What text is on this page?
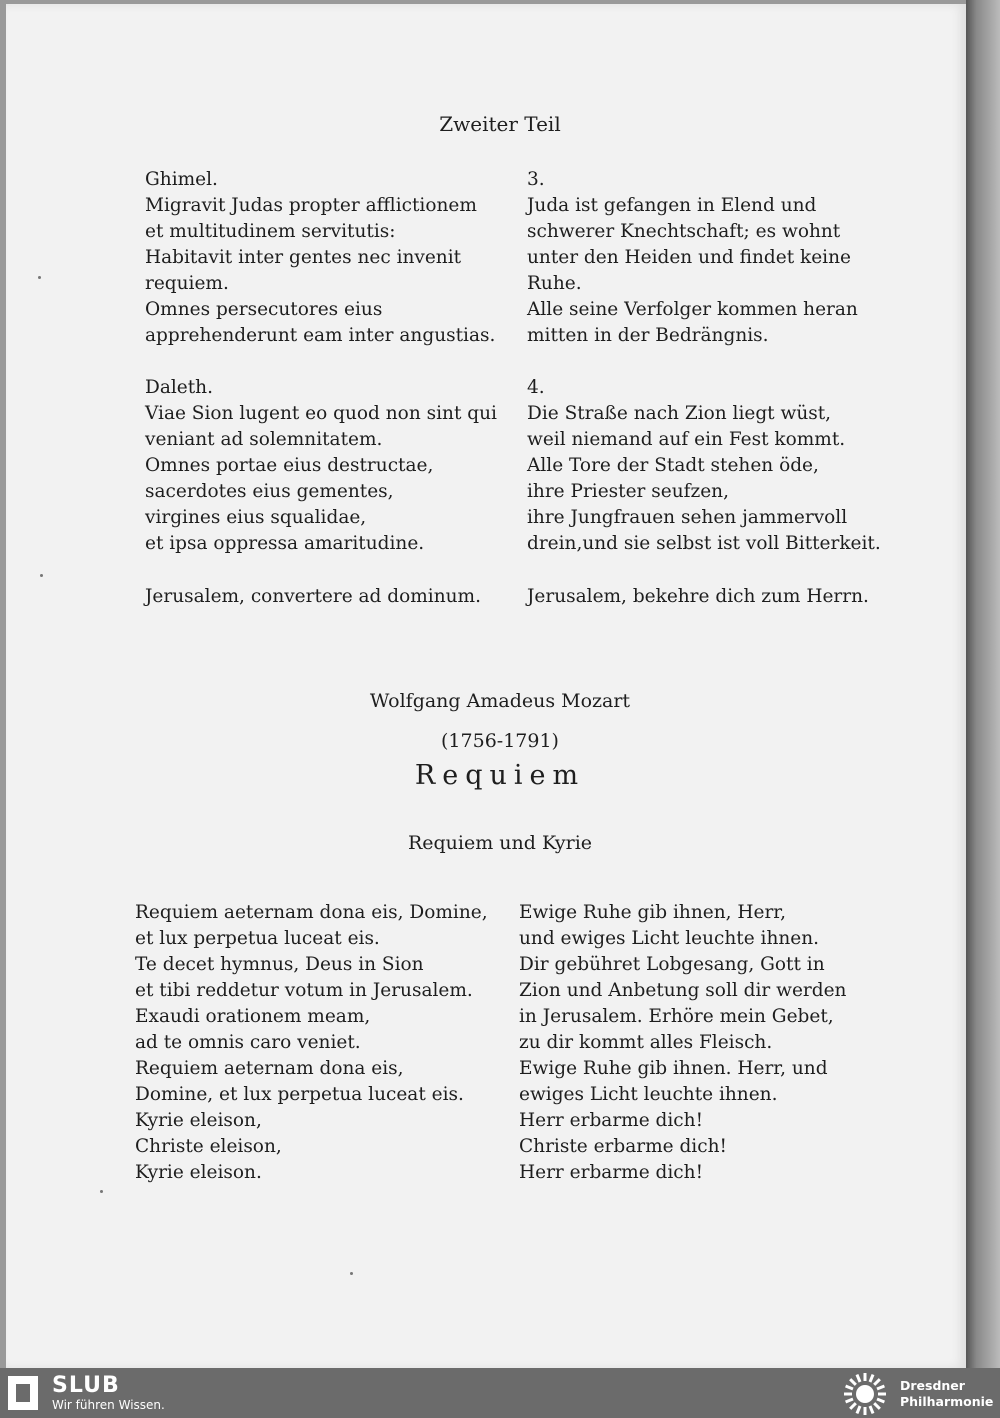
Zweiter Teil
Ghimel.
Migravit Judas propter afflictionem
et multitudinem servitutis:
Habitavit inter gentes nec invenit
requiem.
Omnes persecutores eius
apprehenderunt eam inter angustias.
Daleth.
Viae Sion lugent eo quod non sint qui
veniant ad solemnitatem.
Omnes portae eius destructae,
sacerdotes eius gementes,
virgines eius squalidae,
et ipsa oppressa amaritudine.
Jerusalem, convertere ad dominum.
3.
Juda ist gefangen in Elend und
schwerer Knechtschaft; es wohnt
unter den Heiden und findet keine
Ruhe.
Alle seine Verfolger kommen heran
mitten in der Bedrängnis.
4.
Die Straße nach Zion liegt wüst,
weil niemand auf ein Fest kommt.
Alle Tore der Stadt stehen öde,
ihre Priester seufzen,
ihre Jungfrauen sehen jammervoll
drein,und sie selbst ist voll Bitterkeit.
Jerusalem, bekehre dich zum Herrn.
Wolfgang Amadeus Mozart
(1756-1791)
Requiem
Requiem und Kyrie
Requiem aeternam dona eis, Domine,
et lux perpetua luceat eis.
Te decet hymnus, Deus in Sion
et tibi reddetur votum in Jerusalem.
Exaudi orationem meam,
ad te omnis caro veniet.
Requiem aeternam dona eis,
Domine, et lux perpetua luceat eis.
Kyrie eleison,
Christe eleison,
Kyrie eleison.
Ewige Ruhe gib ihnen, Herr,
und ewiges Licht leuchte ihnen.
Dir gebühret Lobgesang, Gott in
Zion und Anbetung soll dir werden
in Jerusalem. Erhöre mein Gebet,
zu dir kommt alles Fleisch.
Ewige Ruhe gib ihnen. Herr, und
ewiges Licht leuchte ihnen.
Herr erbarme dich!
Christe erbarme dich!
Herr erbarme dich!
SLUB
Wir führen Wissen.
Dresdner
Philharmonie
